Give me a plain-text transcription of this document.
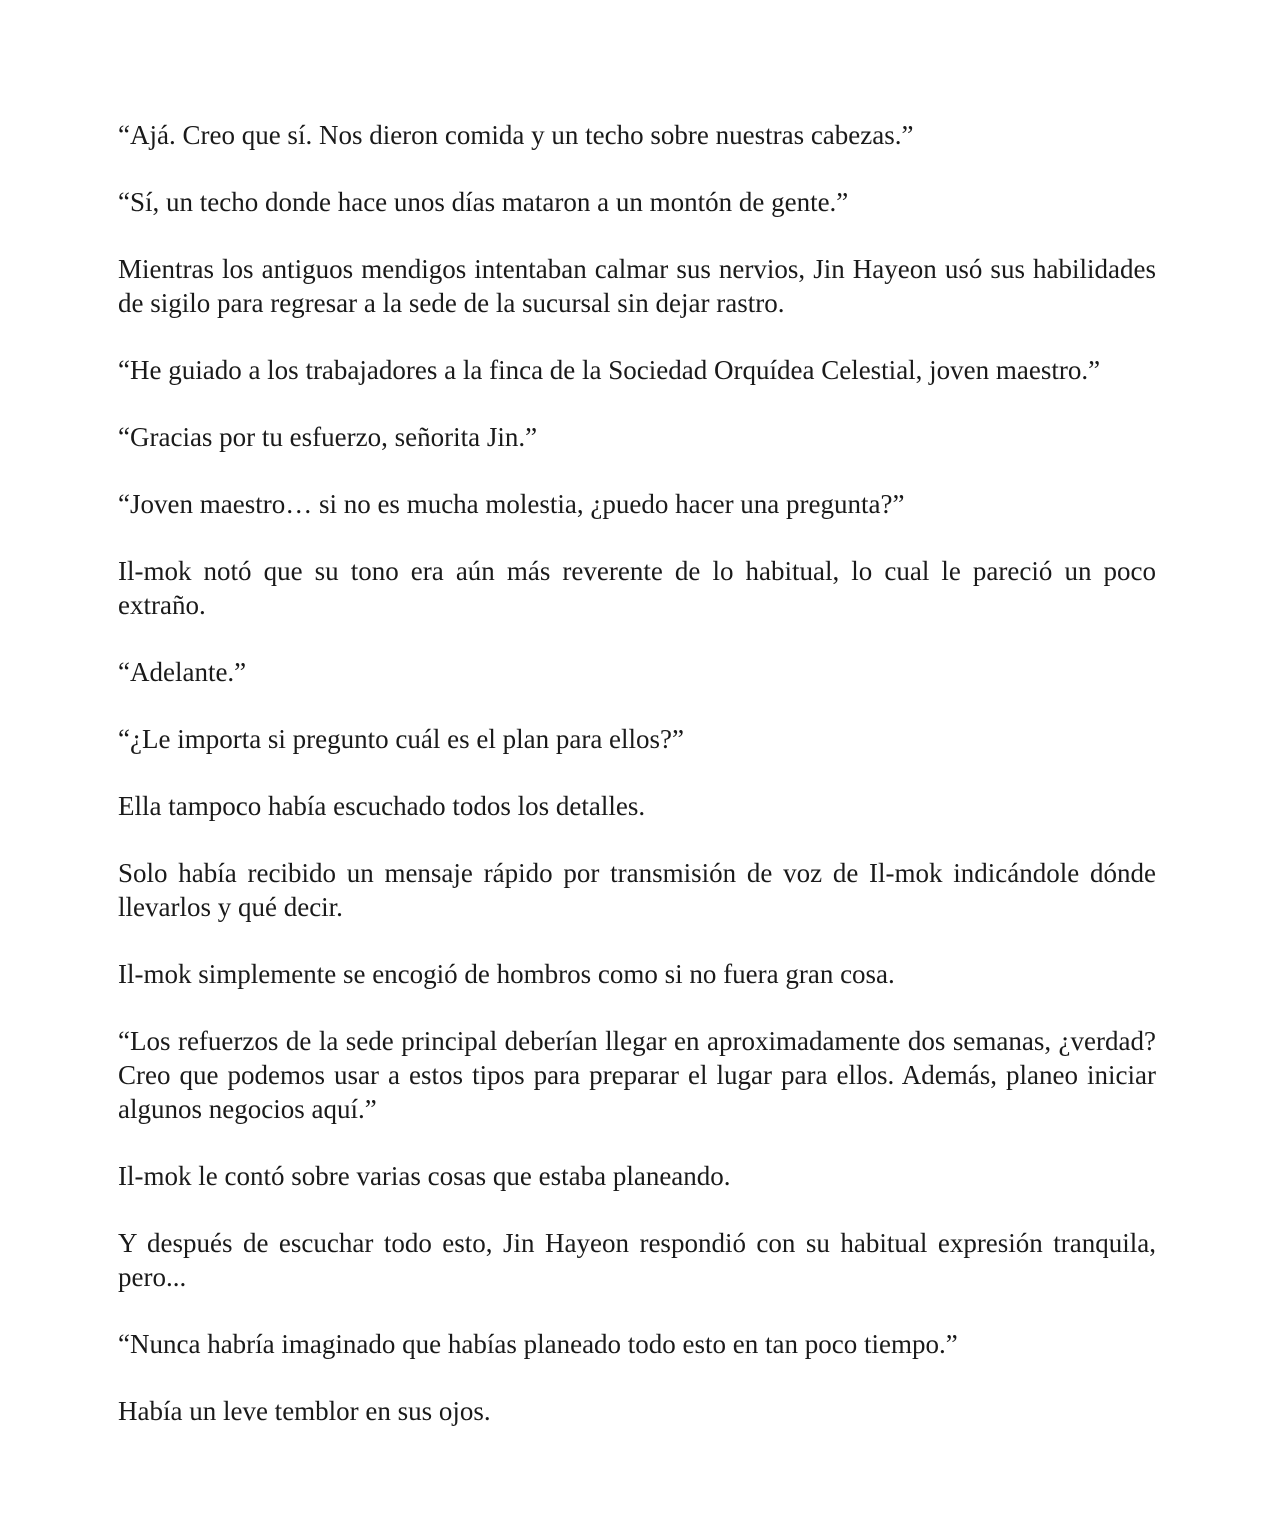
“Ajá. Creo que sí. Nos dieron comida y un techo sobre nuestras cabezas.”

“Sí, un techo donde hace unos días mataron a un montón de gente.”

Mientras los antiguos mendigos intentaban calmar sus nervios, Jin Hayeon usó sus habilidades de sigilo para regresar a la sede de la sucursal sin dejar rastro.

“He guiado a los trabajadores a la finca de la Sociedad Orquídea Celestial, joven maestro.”

“Gracias por tu esfuerzo, señorita Jin.”

“Joven maestro… si no es mucha molestia, ¿puedo hacer una pregunta?”

Il-mok notó que su tono era aún más reverente de lo habitual, lo cual le pareció un poco extraño.

“Adelante.”

“¿Le importa si pregunto cuál es el plan para ellos?”

Ella tampoco había escuchado todos los detalles.

Solo había recibido un mensaje rápido por transmisión de voz de Il-mok indicándole dónde llevarlos y qué decir.

Il-mok simplemente se encogió de hombros como si no fuera gran cosa.

“Los refuerzos de la sede principal deberían llegar en aproximadamente dos semanas, ¿verdad? Creo que podemos usar a estos tipos para preparar el lugar para ellos. Además, planeo iniciar algunos negocios aquí.”

Il-mok le contó sobre varias cosas que estaba planeando.

Y después de escuchar todo esto, Jin Hayeon respondió con su habitual expresión tranquila, pero...

“Nunca habría imaginado que habías planeado todo esto en tan poco tiempo.”

Había un leve temblor en sus ojos.
